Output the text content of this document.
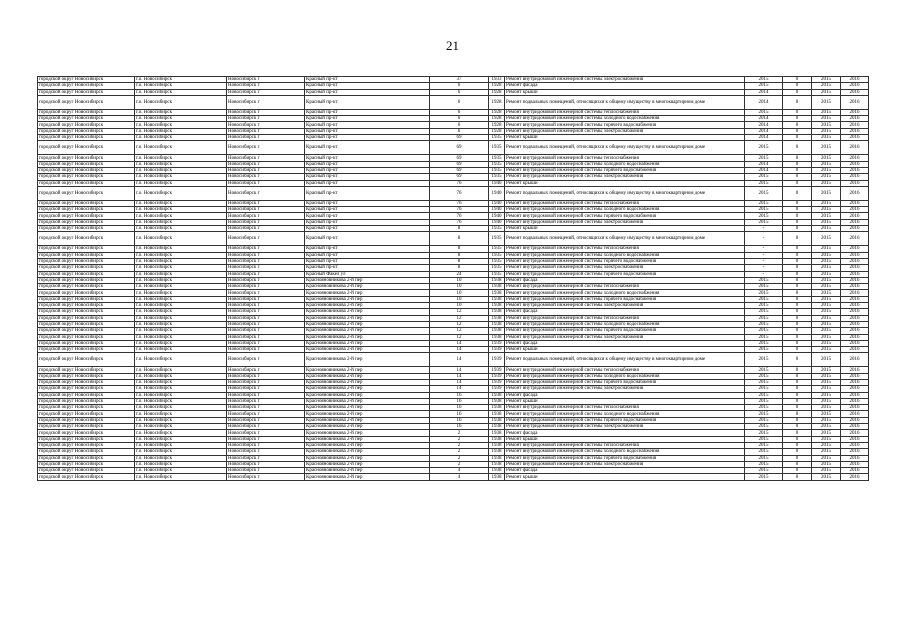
21
городской округ Новосибирск	г.о. Новосибирск	Новосибирск г	Красный пр-кт	37	1933	Ремонт внутридомовой инженерной системы электроснабжения	2015	0	2015	2016
городской округ Новосибирск	г.о. Новосибирск	Новосибирск г	Красный пр-кт	6	1928	Ремонт фасада	2015	0	2015	2016
городской округ Новосибирск	г.о. Новосибирск	Новосибирск г	Красный пр-кт	6	1928	Ремонт крыши	2014	0	2015	2016
городской округ Новосибирск	г.о. Новосибирск	Новосибирск г	Красный пр-кт	6	1928	Ремонт подвальных помещений, относящихся к общему имуществу в многоквартирном доме	2014	0	2015	2016
городской округ Новосибирск	г.о. Новосибирск	Новосибирск г	Красный пр-кт	6	1928	Ремонт внутридомовой инженерной системы теплоснабжения	2015	0	2015	2016
городской округ Новосибирск	г.о. Новосибирск	Новосибирск г	Красный пр-кт	6	1928	Ремонт внутридомовой инженерной системы холодного водоснабжения	2014	0	2015	2016
городской округ Новосибирск	г.о. Новосибирск	Новосибирск г	Красный пр-кт	6	1928	Ремонт внутридомовой инженерной системы горячего водоснабжения	2014	0	2015	2016
городской округ Новосибирск	г.о. Новосибирск	Новосибирск г	Красный пр-кт	6	1928	Ремонт внутридомовой инженерной системы электроснабжения	2014	0	2015	2016
городской округ Новосибирск	г.о. Новосибирск	Новосибирск г	Красный пр-кт	69	1935	Ремонт крыши	2014	0	2015	2016
городской округ Новосибирск	г.о. Новосибирск	Новосибирск г	Красный пр-кт	69	1935	Ремонт подвальных помещений, относящихся к общему имуществу в многоквартирном доме	2015	0	2015	2016
городской округ Новосибирск	г.о. Новосибирск	Новосибирск г	Красный пр-кт	69	1935	Ремонт внутридомовой инженерной системы теплоснабжения	2015	0	2015	2016
городской округ Новосибирск	г.о. Новосибирск	Новосибирск г	Красный пр-кт	69	1935	Ремонт внутридомовой инженерной системы холодного водоснабжения	2014	0	2015	2016
городской округ Новосибирск	г.о. Новосибирск	Новосибирск г	Красный пр-кт	69	1935	Ремонт внутридомовой инженерной системы горячего водоснабжения	2014	0	2015	2016
городской округ Новосибирск	г.о. Новосибирск	Новосибирск г	Красный пр-кт	69	1935	Ремонт внутридомовой инженерной системы электроснабжения	2015	0	2015	2016
городской округ Новосибирск	г.о. Новосибирск	Новосибирск г	Красный пр-кт	76	1940	Ремонт крыши	2015	0	2015	2016
городской округ Новосибирск	г.о. Новосибирск	Новосибирск г	Красный пр-кт	76	1940	Ремонт подвальных помещений, относящихся к общему имуществу в многоквартирном доме	2015	0	2015	2016
городской округ Новосибирск	г.о. Новосибирск	Новосибирск г	Красный пр-кт	76	1940	Ремонт внутридомовой инженерной системы теплоснабжения	2015	0	2015	2016
городской округ Новосибирск	г.о. Новосибирск	Новосибирск г	Красный пр-кт	76	1940	Ремонт внутридомовой инженерной системы холодного водоснабжения	2015	0	2015	2016
городской округ Новосибирск	г.о. Новосибирск	Новосибирск г	Красный пр-кт	76	1940	Ремонт внутридомовой инженерной системы горячего водоснабжения	2015	0	2015	2016
городской округ Новосибирск	г.о. Новосибирск	Новосибирск г	Красный пр-кт	76	1940	Ремонт внутридомовой инженерной системы электроснабжения	2015	0	2015	2016
городской округ Новосибирск	г.о. Новосибирск	Новосибирск г	Красный пр-кт	8	1935	Ремонт крыши	-	0	2015	2016
городской округ Новосибирск	г.о. Новосибирск	Новосибирск г	Красный пр-кт	8	1935	Ремонт подвальных помещений, относящихся к общему имуществу в многоквартирном доме	-	0	2015	2016
городской округ Новосибирск	г.о. Новосибирск	Новосибирск г	Красный пр-кт	8	1935	Ремонт внутридомовой инженерной системы теплоснабжения	-	0	2015	2016
городской округ Новосибирск	г.о. Новосибирск	Новосибирск г	Красный пр-кт	8	1935	Ремонт внутридомовой инженерной системы холодного водоснабжения	-	0	2015	2016
городской округ Новосибирск	г.о. Новосибирск	Новосибирск г	Красный пр-кт	8	1935	Ремонт внутридомовой инженерной системы горячего водоснабжения	-	0	2015	2016
городской округ Новосибирск	г.о. Новосибирск	Новосибирск г	Красный пр-кт	8	1935	Ремонт внутридомовой инженерной системы электроснабжения	-	0	2015	2016
городской округ Новосибирск	г.о. Новосибирск	Новосибирск г	Красный Факел ул	24	1935	Ремонт внутридомовой инженерной системы горячего водоснабжения	-	0	2015	2016
городской округ Новосибирск	г.о. Новосибирск	Новосибирск г	Краснояновникова 2-й пер	10	1938	Ремонт фасада	2015	0	2015	2016
городской округ Новосибирск	г.о. Новосибирск	Новосибирск г	Краснояновникова 2-й пер	10	1938	Ремонт внутридомовой инженерной системы теплоснабжения	2015	0	2015	2016
городской округ Новосибирск	г.о. Новосибирск	Новосибирск г	Краснояновникова 2-й пер	10	1938	Ремонт внутридомовой инженерной системы холодного водоснабжения	2015	0	2015	2016
городской округ Новосибирск	г.о. Новосибирск	Новосибирск г	Краснояновникова 2-й пер	10	1938	Ремонт внутридомовой инженерной системы горячего водоснабжения	2015	0	2015	2016
городской округ Новосибирск	г.о. Новосибирск	Новосибирск г	Краснояновникова 2-й пер	10	1938	Ремонт внутридомовой инженерной системы электроснабжения	2015	0	2015	2016
городской округ Новосибирск	г.о. Новосибирск	Новосибирск г	Краснояновникова 2-й пер	12	1938	Ремонт фасада	2015	0	2015	2016
городской округ Новосибирск	г.о. Новосибирск	Новосибирск г	Краснояновникова 2-й пер	12	1938	Ремонт внутридомовой инженерной системы теплоснабжения	2015	0	2015	2016
городской округ Новосибирск	г.о. Новосибирск	Новосибирск г	Краснояновникова 2-й пер	12	1938	Ремонт внутридомовой инженерной системы холодного водоснабжения	2015	0	2015	2016
городской округ Новосибирск	г.о. Новосибирск	Новосибирск г	Краснояновникова 2-й пер	12	1938	Ремонт внутридомовой инженерной системы горячего водоснабжения	2015	0	2015	2016
городской округ Новосибирск	г.о. Новосибирск	Новосибирск г	Краснояновникова 2-й пер	12	1938	Ремонт внутридомовой инженерной системы электроснабжения	2015	0	2015	2016
городской округ Новосибирск	г.о. Новосибирск	Новосибирск г	Краснояновникова 2-й пер	14	1939	Ремонт фасада	2015	0	2015	2016
городской округ Новосибирск	г.о. Новосибирск	Новосибирск г	Краснояновникова 2-й пер	14	1939	Ремонт крыши	2015	0	2015	2016
городской округ Новосибирск	г.о. Новосибирск	Новосибирск г	Краснояновникова 2-й пер	14	1939	Ремонт подвальных помещений, относящихся к общему имуществу в многоквартирном доме	2015	0	2015	2016
городской округ Новосибирск	г.о. Новосибирск	Новосибирск г	Краснояновникова 2-й пер	14	1939	Ремонт внутридомовой инженерной системы теплоснабжения	2015	0	2015	2016
городской округ Новосибирск	г.о. Новосибирск	Новосибирск г	Краснояновникова 2-й пер	14	1939	Ремонт внутридомовой инженерной системы холодного водоснабжения	2015	0	2015	2016
городской округ Новосибирск	г.о. Новосибирск	Новосибирск г	Краснояновникова 2-й пер	14	1939	Ремонт внутридомовой инженерной системы горячего водоснабжения	2015	0	2015	2016
городской округ Новосибирск	г.о. Новосибирск	Новосибирск г	Краснояновникова 2-й пер	14	1939	Ремонт внутридомовой инженерной системы электроснабжения	2015	0	2015	2016
городской округ Новосибирск	г.о. Новосибирск	Новосибирск г	Краснояновникова 2-й пер	16	1938	Ремонт фасада	2015	0	2015	2016
городской округ Новосибирск	г.о. Новосибирск	Новосибирск г	Краснояновникова 2-й пер	16	1938	Ремонт крыши	2015	0	2015	2016
городской округ Новосибирск	г.о. Новосибирск	Новосибирск г	Краснояновникова 2-й пер	16	1938	Ремонт внутридомовой инженерной системы теплоснабжения	2015	0	2015	2016
городской округ Новосибирск	г.о. Новосибирск	Новосибирск г	Краснояновникова 2-й пер	16	1938	Ремонт внутридомовой инженерной системы холодного водоснабжения	2015	0	2015	2016
городской округ Новосибирск	г.о. Новосибирск	Новосибирск г	Краснояновникова 2-й пер	16	1938	Ремонт внутридомовой инженерной системы горячего водоснабжения	2015	0	2015	2016
городской округ Новосибирск	г.о. Новосибирск	Новосибирск г	Краснояновникова 2-й пер	16	1938	Ремонт внутридомовой инженерной системы электроснабжения	2015	0	2015	2016
городской округ Новосибирск	г.о. Новосибирск	Новосибирск г	Краснояновникова 2-й пер	2	1938	Ремонт фасада	2015	0	2015	2016
городской округ Новосибирск	г.о. Новосибирск	Новосибирск г	Краснояновникова 2-й пер	2	1938	Ремонт крыши	2015	0	2015	2016
городской округ Новосибирск	г.о. Новосибирск	Новосибирск г	Краснояновникова 2-й пер	2	1938	Ремонт внутридомовой инженерной системы теплоснабжения	2015	0	2015	2016
городской округ Новосибирск	г.о. Новосибирск	Новосибирск г	Краснояновникова 2-й пер	2	1938	Ремонт внутридомовой инженерной системы холодного водоснабжения	2015	0	2015	2016
городской округ Новосибирск	г.о. Новосибирск	Новосибирск г	Краснояновникова 2-й пер	2	1938	Ремонт внутридомовой инженерной системы горячего водоснабжения	2015	0	2015	2016
городской округ Новосибирск	г.о. Новосибирск	Новосибирск г	Краснояновникова 2-й пер	2	1938	Ремонт внутридомовой инженерной системы электроснабжения	2015	0	2015	2016
городской округ Новосибирск	г.о. Новосибирск	Новосибирск г	Краснояновникова 2-й пер	4	1938	Ремонт фасада	2015	0	2015	2016
городской округ Новосибирск	г.о. Новосибирск	Новосибирск г	Краснояновникова 2-й пер	4	1938	Ремонт крыши	2015	0	2015	2016
